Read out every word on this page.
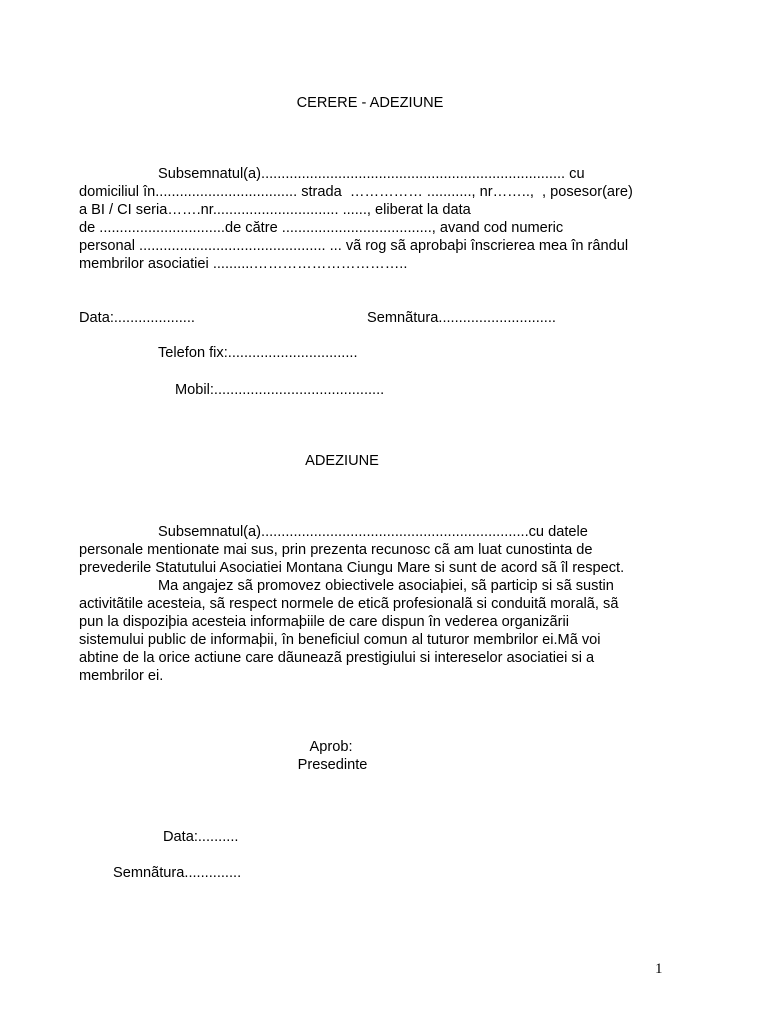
CERERE - ADEZIUNE
Subsemnatul(a)........................................................................... cu
domiciliul în................................... strada  …………… ..........., nr……..,  , posesor(are)
a BI / CI seria…….nr............................... ......, eliberat la data
de ...............................de către ....................................., avand cod numeric
personal .............................................. ... vã rog sã aprobaþi înscrierea mea în rândul
membrilor asociatiei ..........…………………………..
Data:....................	Semnãtura.............................
Telefon fix:................................
Mobil:..........................................
ADEZIUNE
Subsemnatul(a)..................................................................cu datele
personale mentionate mai sus, prin prezenta recunosc cã am luat cunostinta de
prevederile Statutului Asociatiei Montana Ciungu Mare si sunt de acord sã îl respect.
Ma angajez sã promovez obiectivele asociaþiei, sã particip si sã sustin
activitãtile acesteia, sã respect normele de eticã profesionalã si conduitã moralã, sã
pun la dispoziþia acesteia informaþiile de care dispun în vederea organizãrii
sistemului public de informaþii, în beneficiul comun al tuturor membrilor ei.Mã voi
abtine de la orice actiune care dãuneazã prestigiului si intereselor asociatiei si a
membrilor ei.
Aprob:
Presedinte
Data:..........
Semnãtura..............
1
